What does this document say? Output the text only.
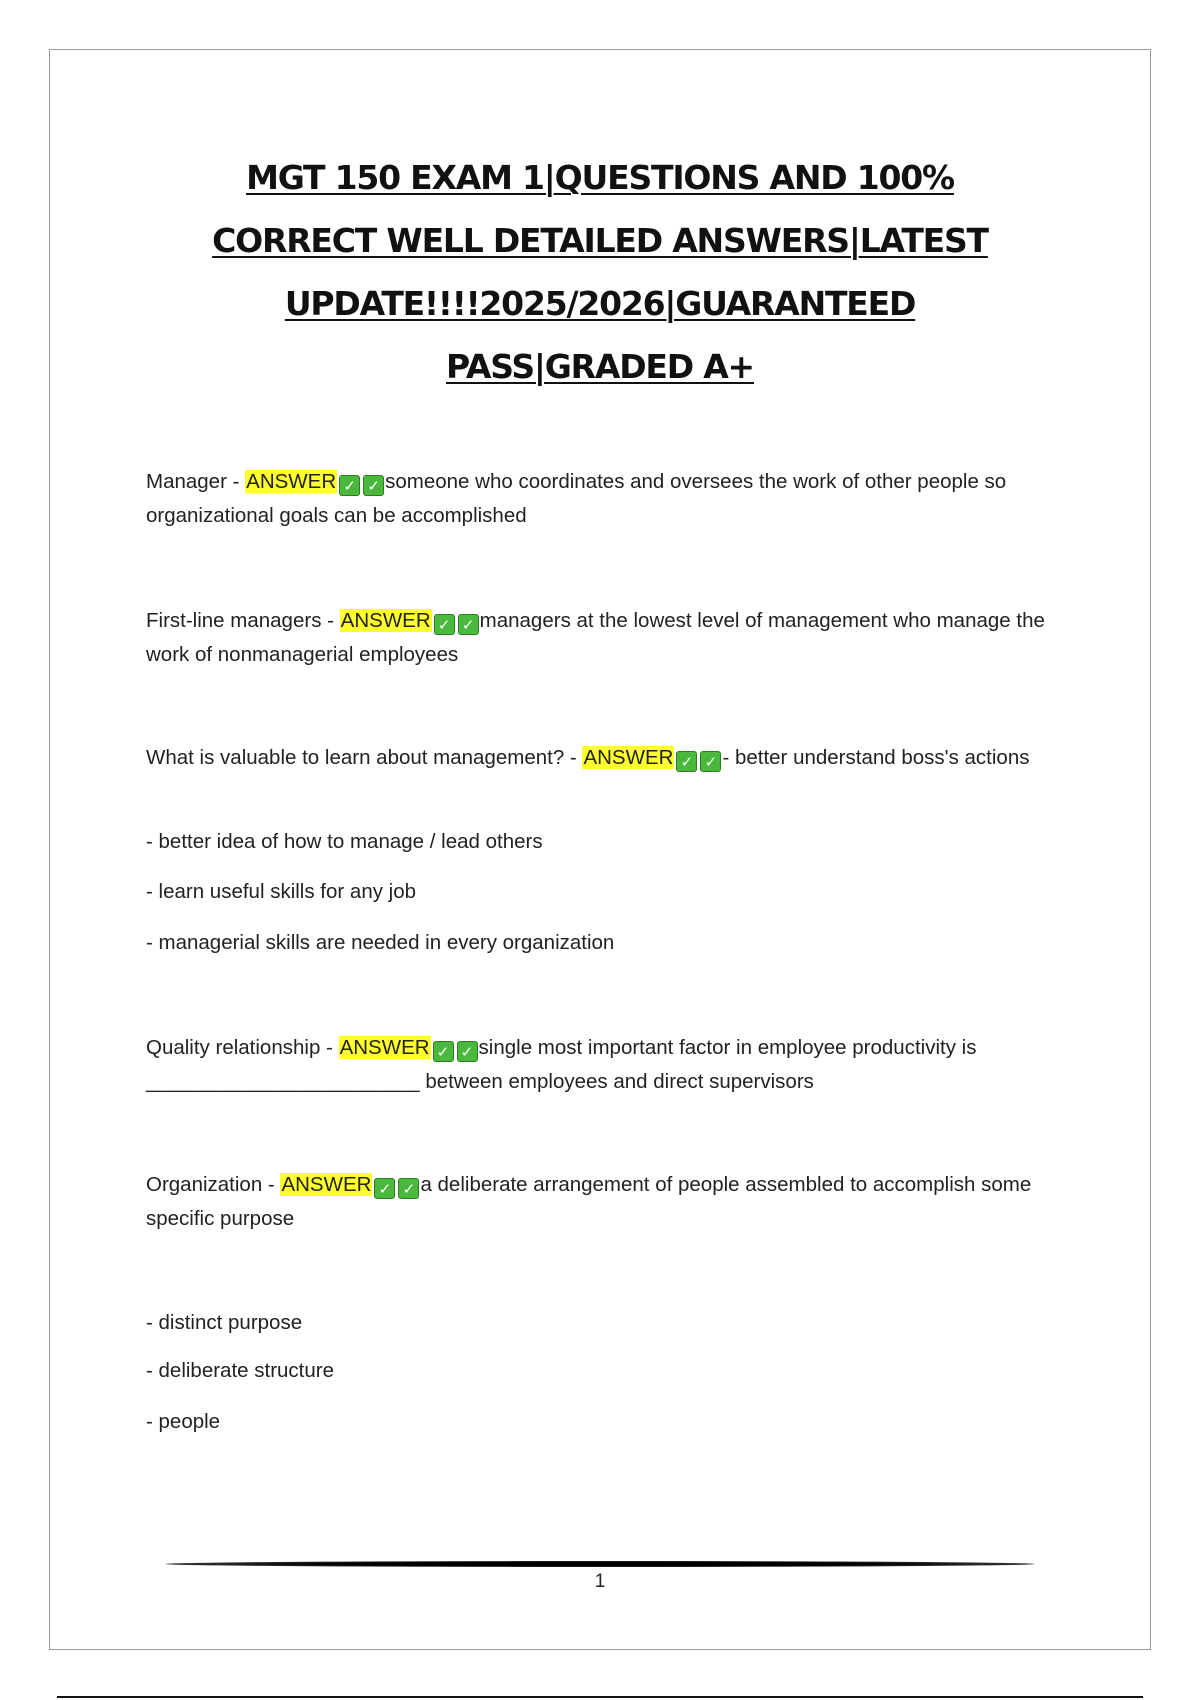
MGT 150 EXAM 1|QUESTIONS AND 100%
CORRECT WELL DETAILED ANSWERS|LATEST
UPDATE!!!!2025/2026|GUARANTEED
PASS|GRADED A+

Manager - ANSWER ✓ ✓ someone who coordinates and oversees the work of other people so organizational goals can be accomplished

First-line managers - ANSWER ✓ ✓ managers at the lowest level of management who manage the work of nonmanagerial employees

What is valuable to learn about management? - ANSWER ✓ ✓ - better understand boss's actions

- better idea of how to manage / lead others

- learn useful skills for any job

- managerial skills are needed in every organization

Quality relationship - ANSWER ✓ ✓ single most important factor in employee productivity is ________________________ between employees and direct supervisors

Organization - ANSWER ✓ ✓ a deliberate arrangement of people assembled to accomplish some specific purpose

- distinct purpose

- deliberate structure

- people

1
